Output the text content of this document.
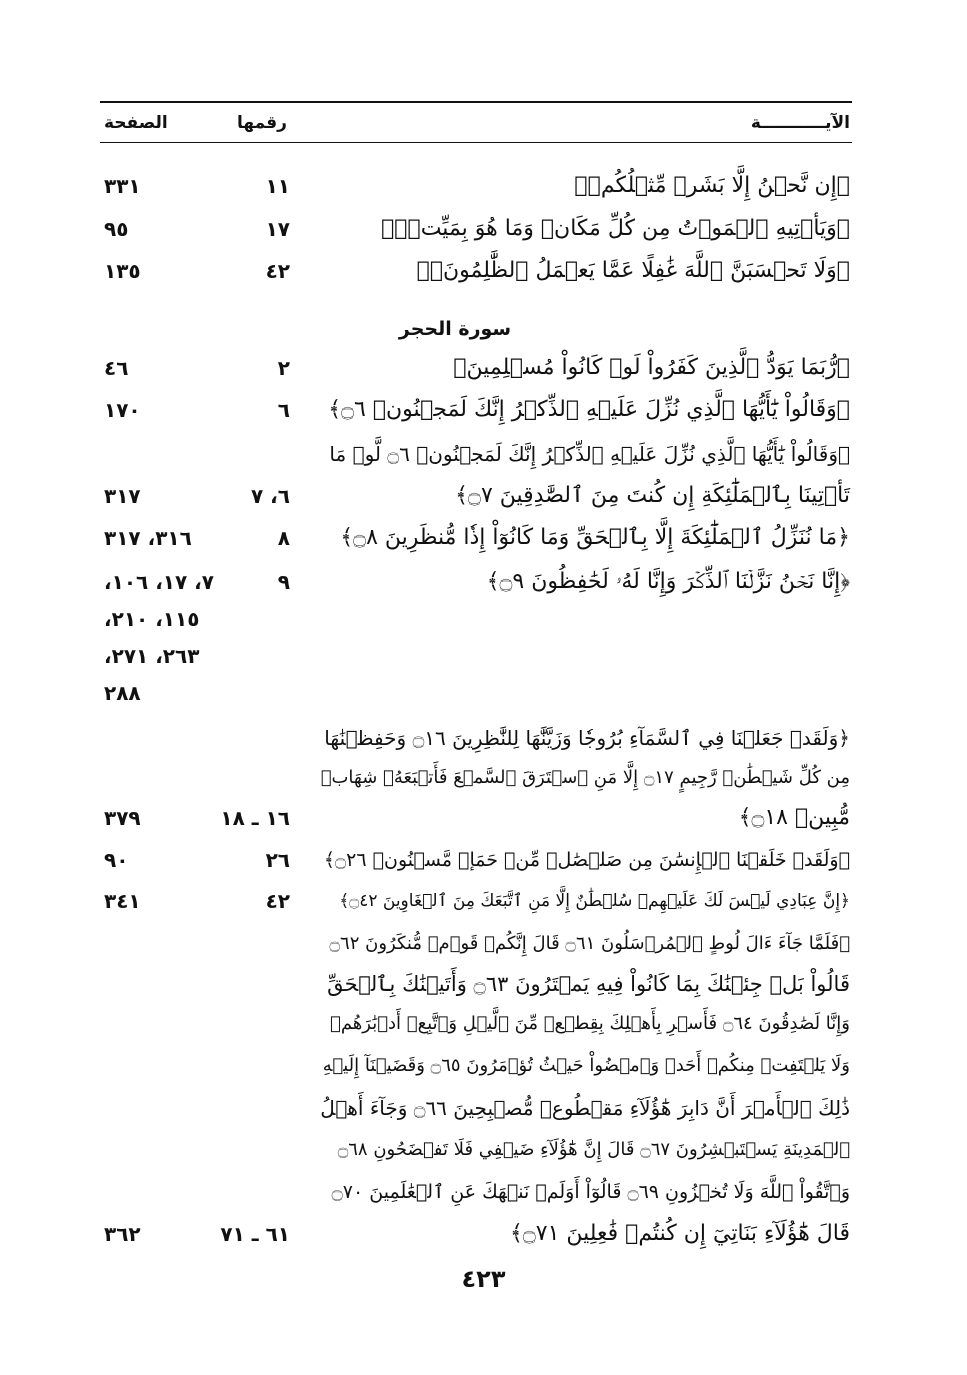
الآيـــــــــــة
رقمها
الصفحة
سورة الحجر
﴿إِن نَّحۡنُ إِلَّا بَشَرٞ مِّثۡلُكُمۡ﴾
١١
٣٣١
﴿وَيَأۡتِيهِ ٱلۡمَوۡتُ مِن كُلِّ مَكَانٖ وَمَا هُوَ بِمَيِّتٖۖ﴾
١٧
٩٥
﴿وَلَا تَحۡسَبَنَّ ٱللَّهَ غَٰفِلًا عَمَّا يَعۡمَلُ ٱلظَّٰلِمُونَۚ﴾
٤٢
١٣٥
﴿رُّبَمَا يَوَدُّ ٱلَّذِينَ كَفَرُواْ لَوۡ كَانُواْ مُسۡلِمِينَ﴾
٢
٤٦
﴿وَقَالُواْ يَٰٓأَيُّهَا ٱلَّذِي نُزِّلَ عَلَيۡهِ ٱلذِّكۡرُ إِنَّكَ لَمَجۡنُونٞ ۝٦﴾
٦
١٧٠
﴿وَقَالُواْ يَٰٓأَيُّهَا ٱلَّذِي نُزِّلَ عَلَيۡهِ ٱلذِّكۡرُ إِنَّكَ لَمَجۡنُونٞ ۝٦ لَّوۡ مَا
تَأۡتِينَا بِٱلۡمَلَٰٓئِكَةِ إِن كُنتَ مِنَ ٱلصَّٰدِقِينَ ۝٧﴾
٦، ٧
٣١٧
﴿مَا نُنَزِّلُ ٱلۡمَلَٰٓئِكَةَ إِلَّا بِٱلۡحَقِّ وَمَا كَانُوٓاْ إِذٗا مُّنظَرِينَ ۝٨﴾
٨
٣١٦، ٣١٧
﴿إِنَّا نَحۡنُ نَزَّلۡنَا ٱلذِّكۡرَ وَإِنَّا لَهُۥ لَحَٰفِظُونَ ۝٩﴾
٩
٧، ١٧، ١٠٦،
١١٥، ٢١٠،
٢٦٣، ٢٧١،
٢٨٨
﴿وَلَقَدۡ جَعَلۡنَا فِي ٱلسَّمَآءِ بُرُوجٗا وَزَيَّنَّٰهَا لِلنَّٰظِرِينَ ۝١٦ وَحَفِظۡنَٰهَا
مِن كُلِّ شَيۡطَٰنٖ رَّجِيمٍ ۝١٧ إِلَّا مَنِ ٱسۡتَرَقَ ٱلسَّمۡعَ فَأَتۡبَعَهُۥ شِهَابٞ
مُّبِينٞ ۝١٨﴾
١٦ ـ ١٨
٣٧٩
﴿وَلَقَدۡ خَلَقۡنَا ٱلۡإِنسَٰنَ مِن صَلۡصَٰلٖ مِّنۡ حَمَإٖ مَّسۡنُونٖ ۝٢٦﴾
٢٦
٩٠
﴿إِنَّ عِبَادِي لَيۡسَ لَكَ عَلَيۡهِمۡ سُلۡطَٰنٌ إِلَّا مَنِ ٱتَّبَعَكَ مِنَ ٱلۡغَاوِينَ ۝٤٢﴾
٤٢
٣٤١
﴿فَلَمَّا جَآءَ ءَالَ لُوطٍ ٱلۡمُرۡسَلُونَ ۝٦١ قَالَ إِنَّكُمۡ قَوۡمٞ مُّنكَرُونَ ۝٦٢
قَالُواْ بَلۡ جِئۡنَٰكَ بِمَا كَانُواْ فِيهِ يَمۡتَرُونَ ۝٦٣ وَأَتَيۡنَٰكَ بِٱلۡحَقِّ
وَإِنَّا لَصَٰدِقُونَ ۝٦٤ فَأَسۡرِ بِأَهۡلِكَ بِقِطۡعٖ مِّنَ ٱلَّيۡلِ وَٱتَّبِعۡ أَدۡبَٰرَهُمۡ
وَلَا يَلۡتَفِتۡ مِنكُمۡ أَحَدٞ وَٱمۡضُواْ حَيۡثُ تُؤۡمَرُونَ ۝٦٥ وَقَضَيۡنَآ إِلَيۡهِ
ذَٰلِكَ ٱلۡأَمۡرَ أَنَّ دَابِرَ هَٰٓؤُلَآءِ مَقۡطُوعٞ مُّصۡبِحِينَ ۝٦٦ وَجَآءَ أَهۡلُ
ٱلۡمَدِينَةِ يَسۡتَبۡشِرُونَ ۝٦٧ قَالَ إِنَّ هَٰٓؤُلَآءِ ضَيۡفِي فَلَا تَفۡضَحُونِ ۝٦٨
وَٱتَّقُواْ ٱللَّهَ وَلَا تُخۡزُونِ ۝٦٩ قَالُوٓاْ أَوَلَمۡ نَنۡهَكَ عَنِ ٱلۡعَٰلَمِينَ ۝٧٠
قَالَ هَٰٓؤُلَآءِ بَنَاتِيٓ إِن كُنتُمۡ فَٰعِلِينَ ۝٧١﴾
٦١ ـ ٧١
٣٦٢
٤٢٣
